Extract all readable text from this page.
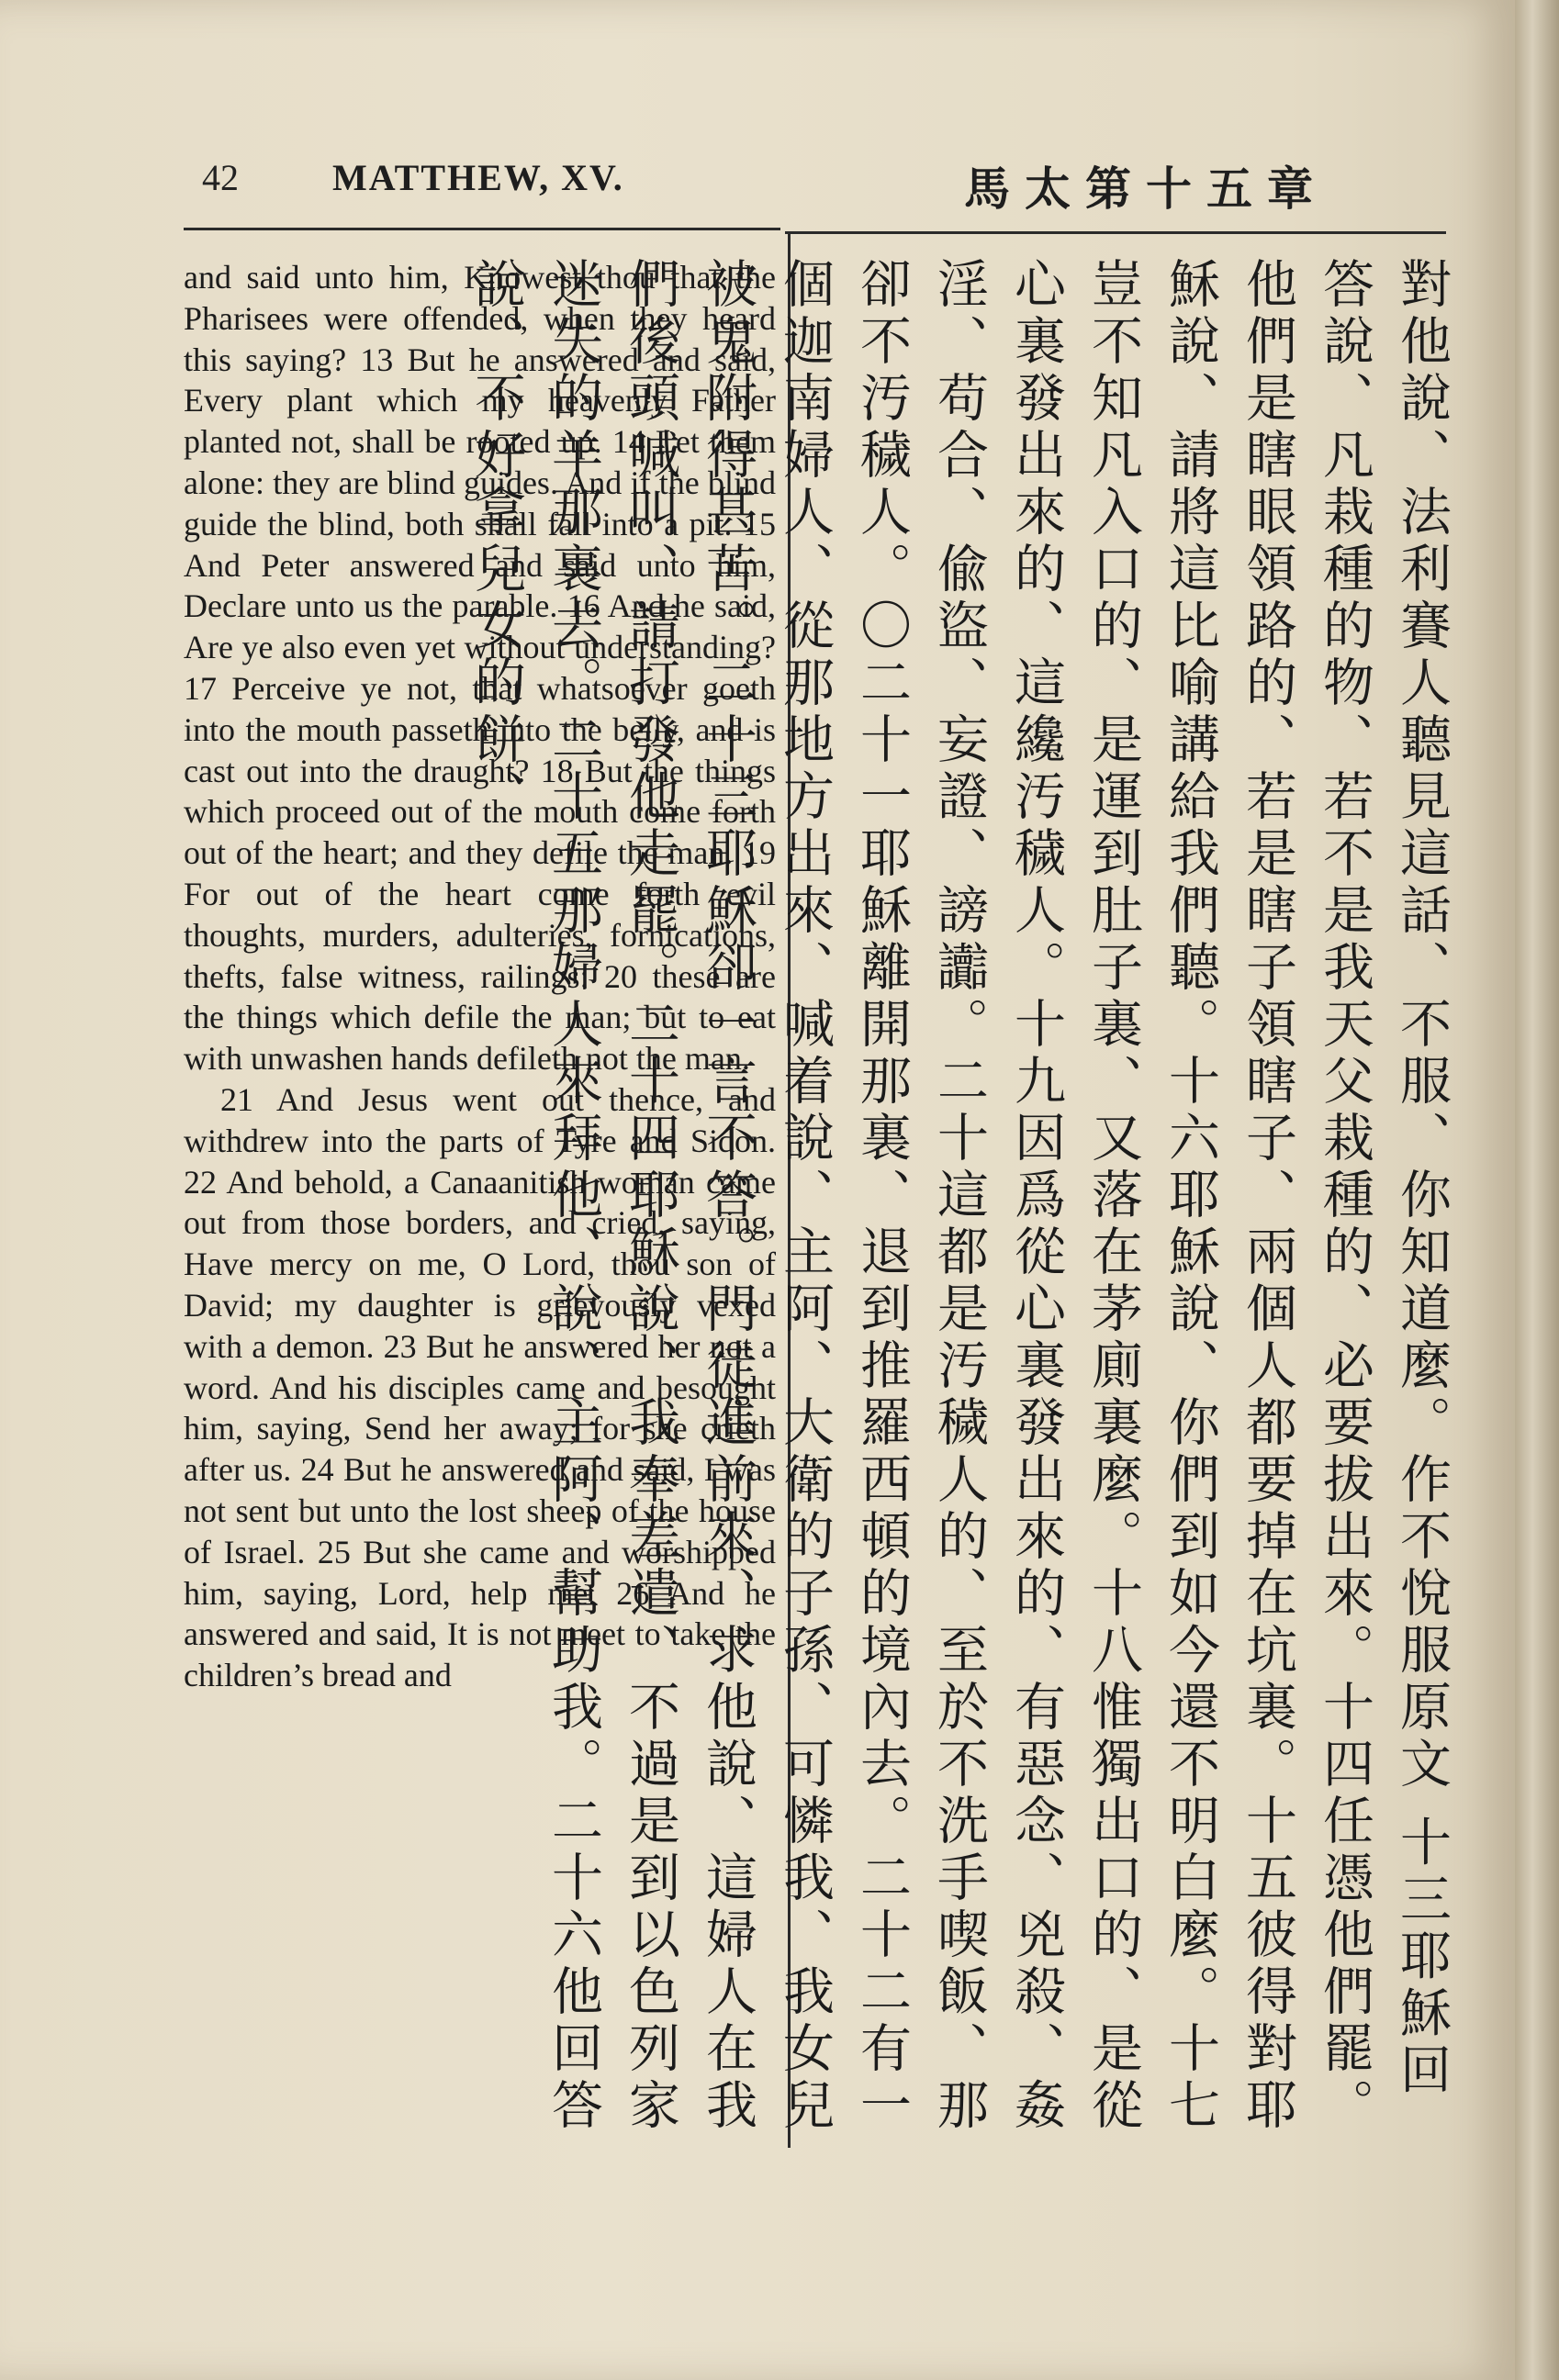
42	MATTHEW, XV.	馬太第十五章

and said unto him, Knowest thou that the Pharisees were offended, when they heard this saying? 13 But he answered and said, Every plant which my heavenly Father planted not, shall be rooted up. 14 Let them alone: they are blind guides. And if the blind guide the blind, both shall fall into a pit. 15 And Peter answered and said unto him, Declare unto us the parable. 16 And he said, Are ye also even yet without understanding? 17 Perceive ye not, that whatsoever goeth into the mouth passeth into the belly, and is cast out into the draught? 18 But the things which proceed out of the mouth come forth out of the heart; and they defile the man. 19 For out of the heart come forth evil thoughts, murders, adulteries, fornications, thefts, false witness, railings: 20 these are the things which defile the man; but to eat with unwashen hands defileth not the man.

21 And Jesus went out thence, and withdrew into the parts of Tyre and Sidon. 22 And behold, a Canaanitish woman came out from those borders, and cried, saying, Have mercy on me, O Lord, thou son of David; my daughter is grievously vexed with a demon. 23 But he answered her not a word. And his disciples came and besought him, saying, Send her away; for she crieth after us. 24 But he answered and said, I was not sent but unto the lost sheep of the house of Israel. 25 But she came and worshipped him, saying, Lord, help me. 26 And he answered and said, It is not meet to take the children’s bread and	對他說、法利賽人聽見這話、不服、你知道麼。作不悅服原文 十三耶穌回答說、凡栽種的物、若不是我天父栽種的、必要拔出來。十四任憑他們罷。他們是瞎眼領路的、若是瞎子領瞎子、兩個人都要掉在坑裏。十五彼得對耶穌說、請將這比喻講給我們聽。十六耶穌說、你們到如今還不明白麼。十七豈不知凡入口的、是運到肚子裏、又落在茅廁裏麼。十八惟獨出口的、是從心裏發出來的、這纔汚穢人。十九因爲從心裏發出來的、有惡念、兇殺、姦淫、苟合、偸盜、妄證、謗讟。二十這都是汚穢人的、至於不洗手喫飯、那卻不汚穢人。〇二十一耶穌離開那裏、退到推羅西頓的境內去。二十二有一個迦南婦人、從那地方出來、喊着說、主阿、大衛的子孫、可憐我、我女兒被鬼附得甚苦。二十三耶穌卻一言不答。門徒進前來、求他說、這婦人在我們後頭喊叫、請打發他走罷。二十四耶穌說、我奉差遣、不過是到以色列家迷失的羊那裏去。二十五那婦人來拜他、說、主阿、幫助我。二十六他回答說、不好拿兒女的餅、
